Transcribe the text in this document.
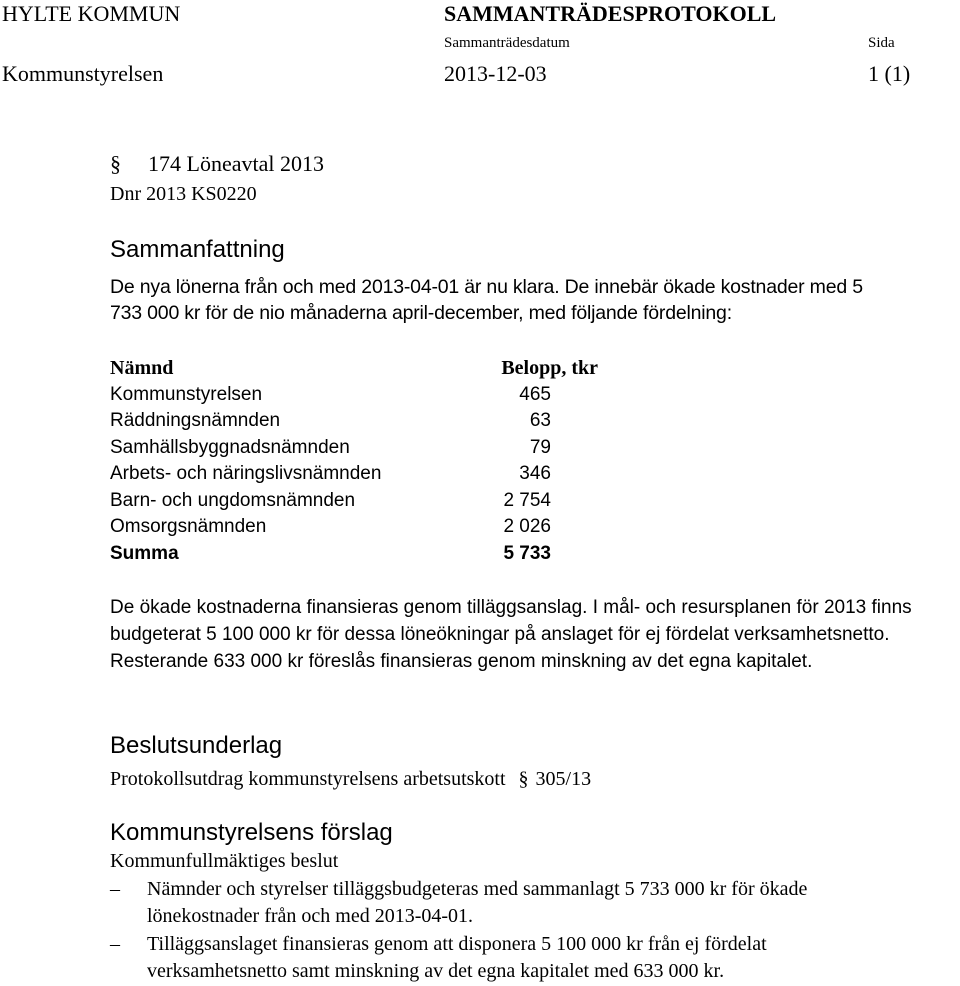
HYLTE KOMMUN	SAMMANTRÄDESPROTOKOLL
Sammanträdesdatum	Sida
Kommunstyrelsen	2013-12-03	1 (1)
§ 174 Löneavtal 2013
Dnr 2013 KS0220
Sammanfattning
De nya lönerna från och med 2013-04-01 är nu klara. De innebär ökade kostnader med 5
733 000 kr för de nio månaderna april-december, med följande fördelning:
Nämnd	Belopp, tkr
Kommunstyrelsen	465
Räddningsnämnden	63
Samhällsbyggnadsnämnden	79
Arbets- och näringslivsnämnden	346
Barn- och ungdomsnämnden	2 754
Omsorgsnämnden	2 026
Summa	5 733
De ökade kostnaderna finansieras genom tilläggsanslag. I mål- och resursplanen för 2013 finns budgeterat 5 100 000 kr för dessa löneökningar på anslaget för ej fördelat verksamhetsnetto. Resterande 633 000 kr föreslås finansieras genom minskning av det egna kapitalet.
Beslutsunderlag
Protokollsutdrag kommunstyrelsens arbetsutskott § 305/13
Kommunstyrelsens förslag
Kommunfullmäktiges beslut
–	Nämnder och styrelser tilläggsbudgeteras med sammanlagt 5 733 000 kr för ökade
lönekostnader från och med 2013-04-01.
–	Tilläggsanslaget finansieras genom att disponera 5 100 000 kr från ej fördelat
verksamhetsnetto samt minskning av det egna kapitalet med 633 000 kr.
